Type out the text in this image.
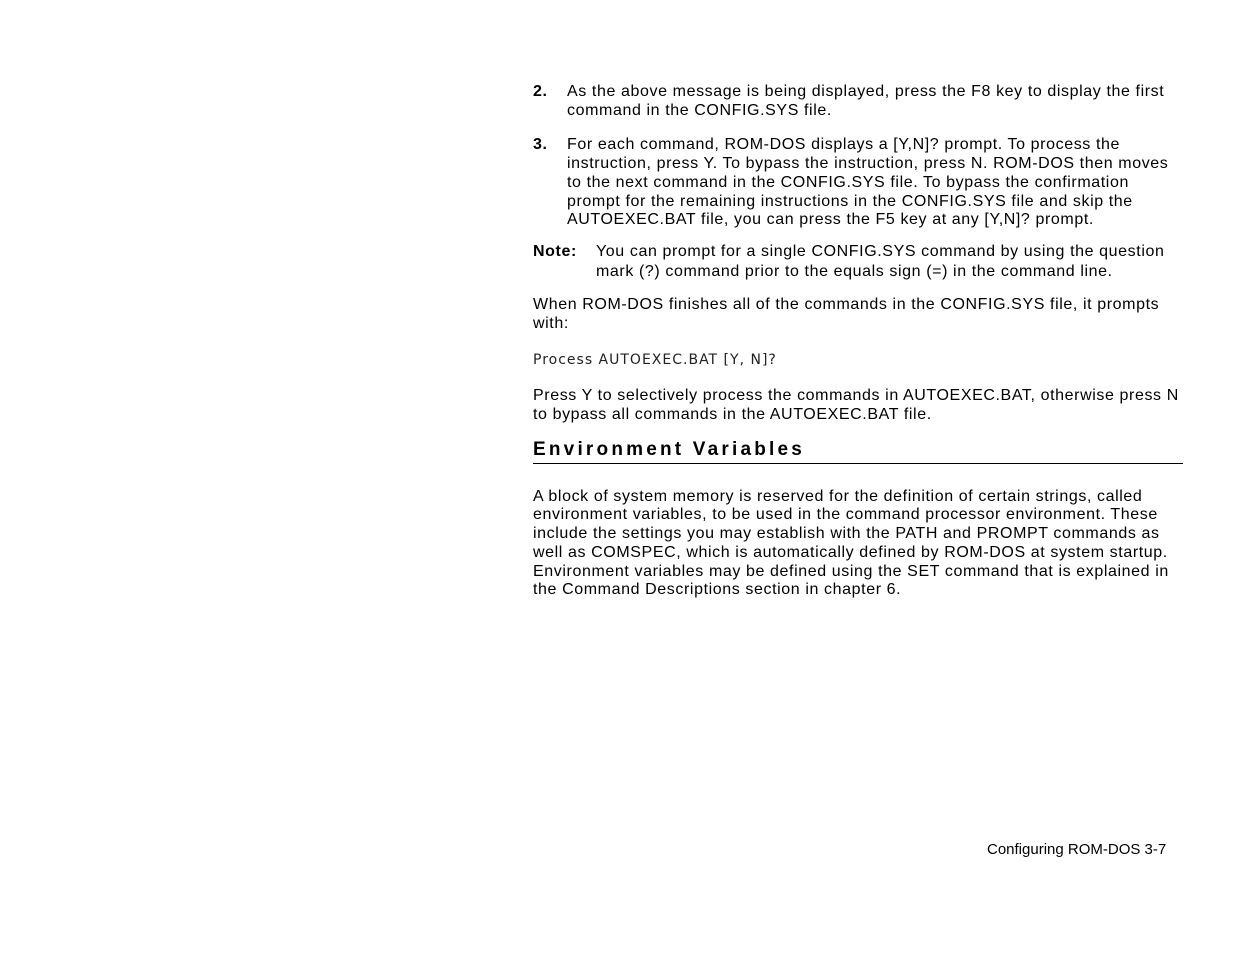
2. As the above message is being displayed, press the F8 key to display the first command in the CONFIG.SYS file.
3. For each command, ROM-DOS displays a [Y,N]? prompt. To process the instruction, press Y. To bypass the instruction, press N. ROM-DOS then moves to the next command in the CONFIG.SYS file. To bypass the confirmation prompt for the remaining instructions in the CONFIG.SYS file and skip the AUTOEXEC.BAT file, you can press the F5 key at any [Y,N]? prompt.
Note: You can prompt for a single CONFIG.SYS command by using the question mark (?) command prior to the equals sign (=) in the command line.

When ROM-DOS finishes all of the commands in the CONFIG.SYS file, it prompts with:

Process AUTOEXEC.BAT [Y, N]?

Press Y to selectively process the commands in AUTOEXEC.BAT, otherwise press N to bypass all commands in the AUTOEXEC.BAT file.

Environment Variables

A block of system memory is reserved for the definition of certain strings, called environment variables, to be used in the command processor environment. These include the settings you may establish with the PATH and PROMPT commands as well as COMSPEC, which is automatically defined by ROM-DOS at system startup. Environment variables may be defined using the SET command that is explained in the Command Descriptions section in chapter 6.

Configuring ROM-DOS 3-7
